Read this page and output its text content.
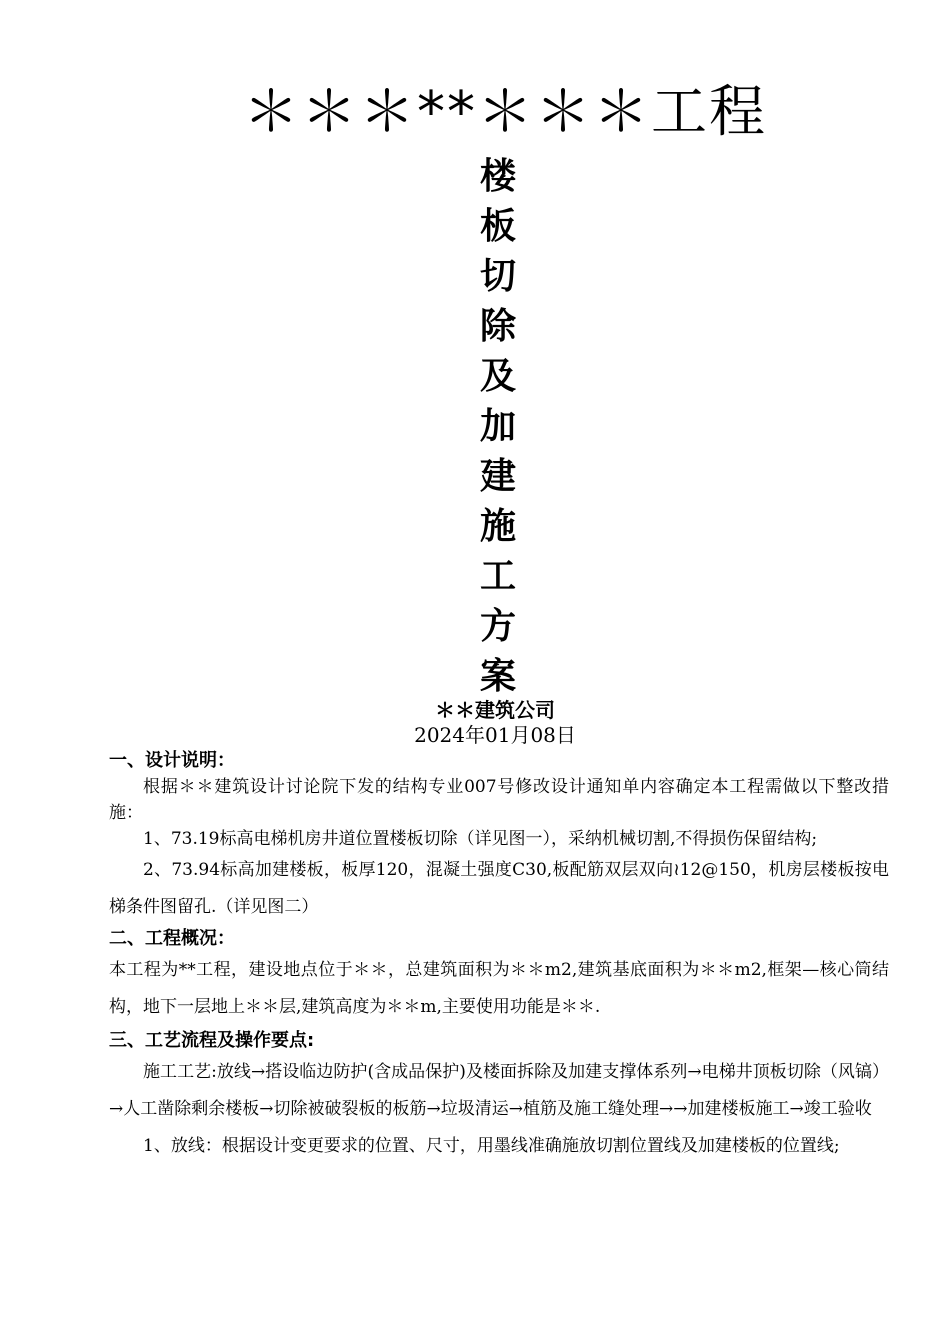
＊＊＊**＊＊＊工程
楼
板
切
除
及
加
建
施
工
方
案
＊＊建筑公司
2024年01月08日

一、设计说明：

根据＊＊建筑设计讨论院下发的结构专业007号修改设计通知单内容确定本工程需做以下整改措施：

1、73.19标高电梯机房井道位置楼板切除（详见图一），采纳机械切割,不得损伤保留结构;

2、73.94标高加建楼板，板厚120，混凝土强度C30,板配筋双层双向≀12@150，机房层楼板按电梯条件图留孔.（详见图二）

二、工程概况：

本工程为**工程，建设地点位于＊＊，总建筑面积为＊＊m2,建筑基底面积为＊＊m2,框架—核心筒结构，地下一层地上＊＊层,建筑高度为＊＊m,主要使用功能是＊＊.

三、工艺流程及操作要点:

施工工艺:放线→搭设临边防护(含成品保护)及楼面拆除及加建支撑体系列→电梯井顶板切除（风镐）→人工凿除剩余楼板→切除被破裂板的板筋→垃圾清运→植筋及施工缝处理→→加建楼板施工→竣工验收

1、放线：根据设计变更要求的位置、尺寸，用墨线准确施放切割位置线及加建楼板的位置线;
